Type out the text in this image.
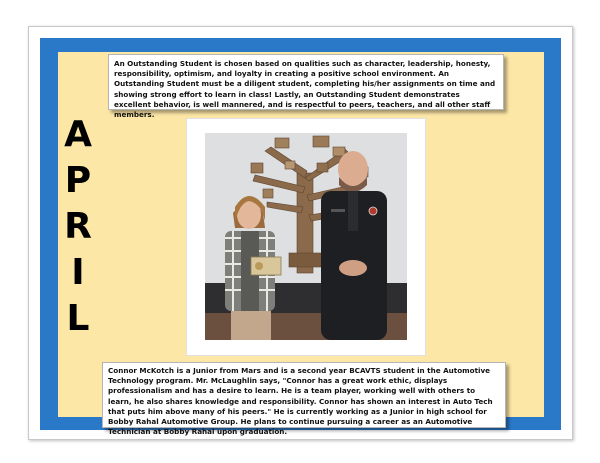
A
P
R
I
L
An Outstanding Student is chosen based on qualities such as character, leadership, honesty, responsibility, optimism, and loyalty in creating a positive school environment. An Outstanding Student must be a diligent student, completing his/her assignments on time and showing strong effort to learn in class! Lastly, an Outstanding Student demonstrates excellent behavior, is well mannered, and is respectful to peers, teachers, and all other staff members.
Connor McKotch is a Junior from Mars and is a second year BCAVTS student in the Automotive Technology program. Mr. McLaughlin says, "Connor has a great work ethic, displays professionalism and has a desire to learn. He is a team player, working well with others to learn, he also shares knowledge and responsibility. Connor has shown an interest in Auto Tech that puts him above many of his peers." He is currently working as a Junior in high school for Bobby Rahal Automotive Group. He plans to continue pursuing a career as an Automotive Technician at Bobby Rahal upon graduation.
